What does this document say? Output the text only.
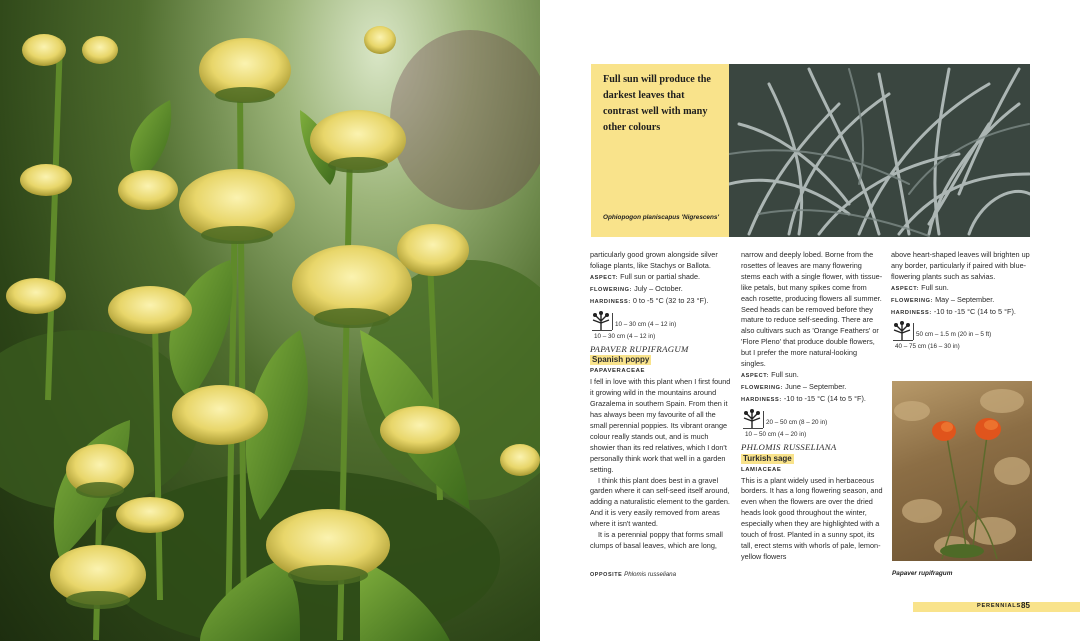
Full sun will produce the darkest leaves that contrast well with many other colours

Ophiopogon planiscapus 'Nigrescens'

particularly good grown alongside silver foliage plants, like Stachys or Ballota.

ASPECT: Full sun or partial shade.

FLOWERING: July – October.

HARDINESS: 0 to -5 °C (32 to 23 °F).

10 – 30 cm (4 – 12 in)
10 – 30 cm (4 – 12 in)
PAPAVER RUPIFRAGUM
Spanish poppy
PAPAVERACEAE

I fell in love with this plant when I first found it growing wild in the mountains around Grazalema in southern Spain. From then it has always been my favourite of all the small perennial poppies. Its vibrant orange colour really stands out, and is much showier than its red relatives, which I don't personally think work that well in a garden setting.

I think this plant does best in a gravel garden where it can self-seed itself around, adding a naturalistic element to the garden. And it is very easily removed from areas where it isn't wanted.

It is a perennial poppy that forms small clumps of basal leaves, which are long,

narrow and deeply lobed. Borne from the rosettes of leaves are many flowering stems each with a single flower, with tissue-like petals, but many spikes come from each rosette, producing flowers all summer. Seed heads can be removed before they mature to reduce self-seeding. There are also cultivars such as 'Orange Feathers' or 'Flore Pleno' that produce double flowers, but I prefer the more natural-looking singles.

ASPECT: Full sun.

FLOWERING: June – September.

HARDINESS: -10 to -15 °C (14 to 5 °F).

20 – 50 cm (8 – 20 in)
10 – 50 cm (4 – 20 in)
PHLOMIS RUSSELIANA
Turkish sage
LAMIACEAE

This is a plant widely used in herbaceous borders. It has a long flowering season, and even when the flowers are over the dried heads look good throughout the winter, especially when they are highlighted with a touch of frost. Planted in a sunny spot, its tall, erect stems with whorls of pale, lemon-yellow flowers

above heart-shaped leaves will brighten up any border, particularly if paired with blue-flowering plants such as salvias.

ASPECT: Full sun.

FLOWERING: May – September.

HARDINESS: -10 to -15 °C (14 to 5 °F).

50 cm – 1.5 m (20 in – 5 ft)
40 – 75 cm (16 – 30 in)
Papaver rupifragum
OPPOSITE Phlomis russeliana
PERENNIALS 85
